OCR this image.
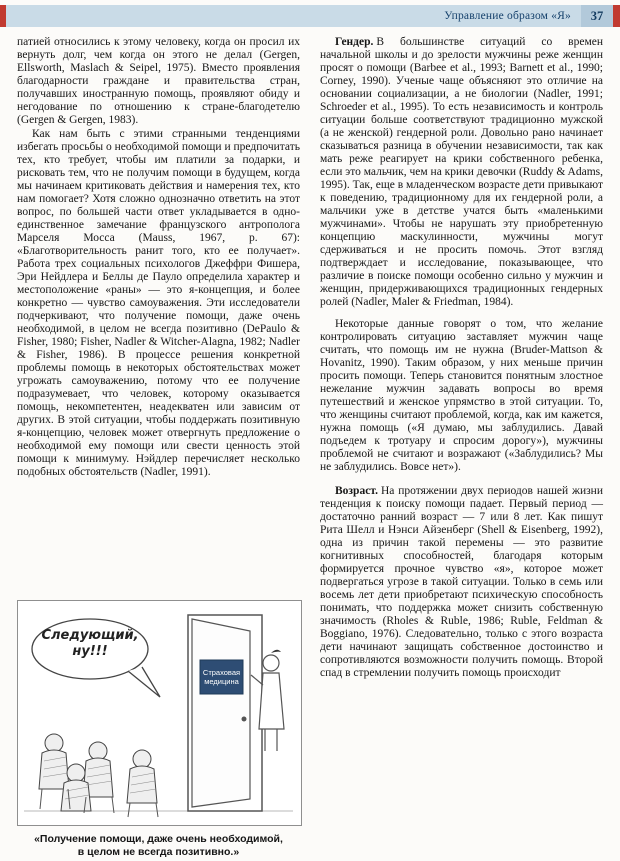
Управление образом «Я»	37

патией относились к этому человеку, когда он просил их вернуть долг, чем когда он этого не делал (Gergen, Ellsworth, Maslach & Seipel, 1975). Вместо проявления благодарности граждане и правительства стран, получавших иностранную помощь, проявляют обиду и негодование по отношению к стране-благодетелю (Gergen & Gergen, 1983).

Как нам быть с этими странными тенденциями избегать просьбы о необходимой помощи и предпочитать тех, кто требует, чтобы им платили за подарки, и рисковать тем, что не получим помощи в будущем, когда мы начинаем критиковать действия и намерения тех, кто нам помогает? Хотя сложно однозначно ответить на этот вопрос, по большей части ответ укладывается в одно-единственное замечание французского антрополога Марселя Мосса (Mauss, 1967, р. 67): «Благотворительность ранит того, кто ее получает». Работа трех социальных психологов Джеффри Фишера, Эри Нейдлера и Беллы де Пауло определила характер и местоположение «раны» — это я-концепция, и более конкретно — чувство самоуважения. Эти исследователи подчеркивают, что получение помощи, даже очень необходимой, в целом не всегда позитивно (DePaulo & Fisher, 1980; Fisher, Nadler & Witcher-Alagna, 1982; Nadler & Fisher, 1986). В процессе решения конкретной проблемы помощь в некоторых обстоятельствах может угрожать самоуважению, потому что ее получение подразумевает, что человек, которому оказывается помощь, некомпетентен, неадекватен или зависим от других. В этой ситуации, чтобы поддержать позитивную я-концепцию, человек может отвергнуть предложение о необходимой ему помощи или свести ценность этой помощи к минимуму. Нэйдлер перечисляет несколько подобных обстоятельств (Nadler, 1991).

Следующий,
ну!!!
Страховая медицина
«Получение помощи, даже очень необходимой, в целом не всегда позитивно.»

Гендер. В большинстве ситуаций со времен начальной школы и до зрелости мужчины реже женщин просят о помощи (Barbee et al., 1993; Barnett et al., 1990; Corney, 1990). Ученые чаще объясняют это отличие на основании социализации, а не биологии (Nadler, 1991; Schroeder et al., 1995). То есть независимость и контроль ситуации больше соответствуют традиционно мужской (а не женской) гендерной роли. Довольно рано начинает сказываться разница в обучении независимости, так как мать реже реагирует на крики собственного ребенка, если это мальчик, чем на крики девочки (Ruddy & Adams, 1995). Так, еще в младенческом возрасте дети привыкают к поведению, традиционному для их гендерной роли, а мальчики уже в детстве учатся быть «маленькими мужчинами». Чтобы не нарушать эту приобретенную концепцию маскулинности, мужчины могут сдерживаться и не просить помочь. Этот взгляд подтверждает и исследование, показывающее, что различие в поиске помощи особенно сильно у мужчин и женщин, придерживающихся традиционных гендерных ролей (Nadler, Maler & Friedman, 1984).

Некоторые данные говорят о том, что желание контролировать ситуацию заставляет мужчин чаще считать, что помощь им не нужна (Bruder-Mattson & Hovanitz, 1990). Таким образом, у них меньше причин просить помощи. Теперь становится понятным злостное нежелание мужчин задавать вопросы во время путешествий и женское упрямство в этой ситуации. То, что женщины считают проблемой, когда, как им кажется, нужна помощь («Я думаю, мы заблудились. Давай подъедем к тротуару и спросим дорогу»), мужчины проблемой не считают и возражают («Заблудились? Мы не заблудились. Вовсе нет»).

Возраст. На протяжении двух периодов нашей жизни тенденция к поиску помощи падает. Первый период — достаточно ранний возраст — 7 или 8 лет. Как пишут Рита Шелл и Нэнси Айзенберг (Shell & Eisenberg, 1992), одна из причин такой перемены — это развитие когнитивных способностей, благодаря которым формируется прочное чувство «я», которое может подвергаться угрозе в такой ситуации. Только в семь или восемь лет дети приобретают психическую способность понимать, что поддержка может снизить собственную значимость (Rholes & Ruble, 1986; Ruble, Feldman & Boggiano, 1976). Следовательно, только с этого возраста дети начинают защищать собственное достоинство и сопротивляются возможности получить помощь. Второй спад в стремлении получить помощь происходит
